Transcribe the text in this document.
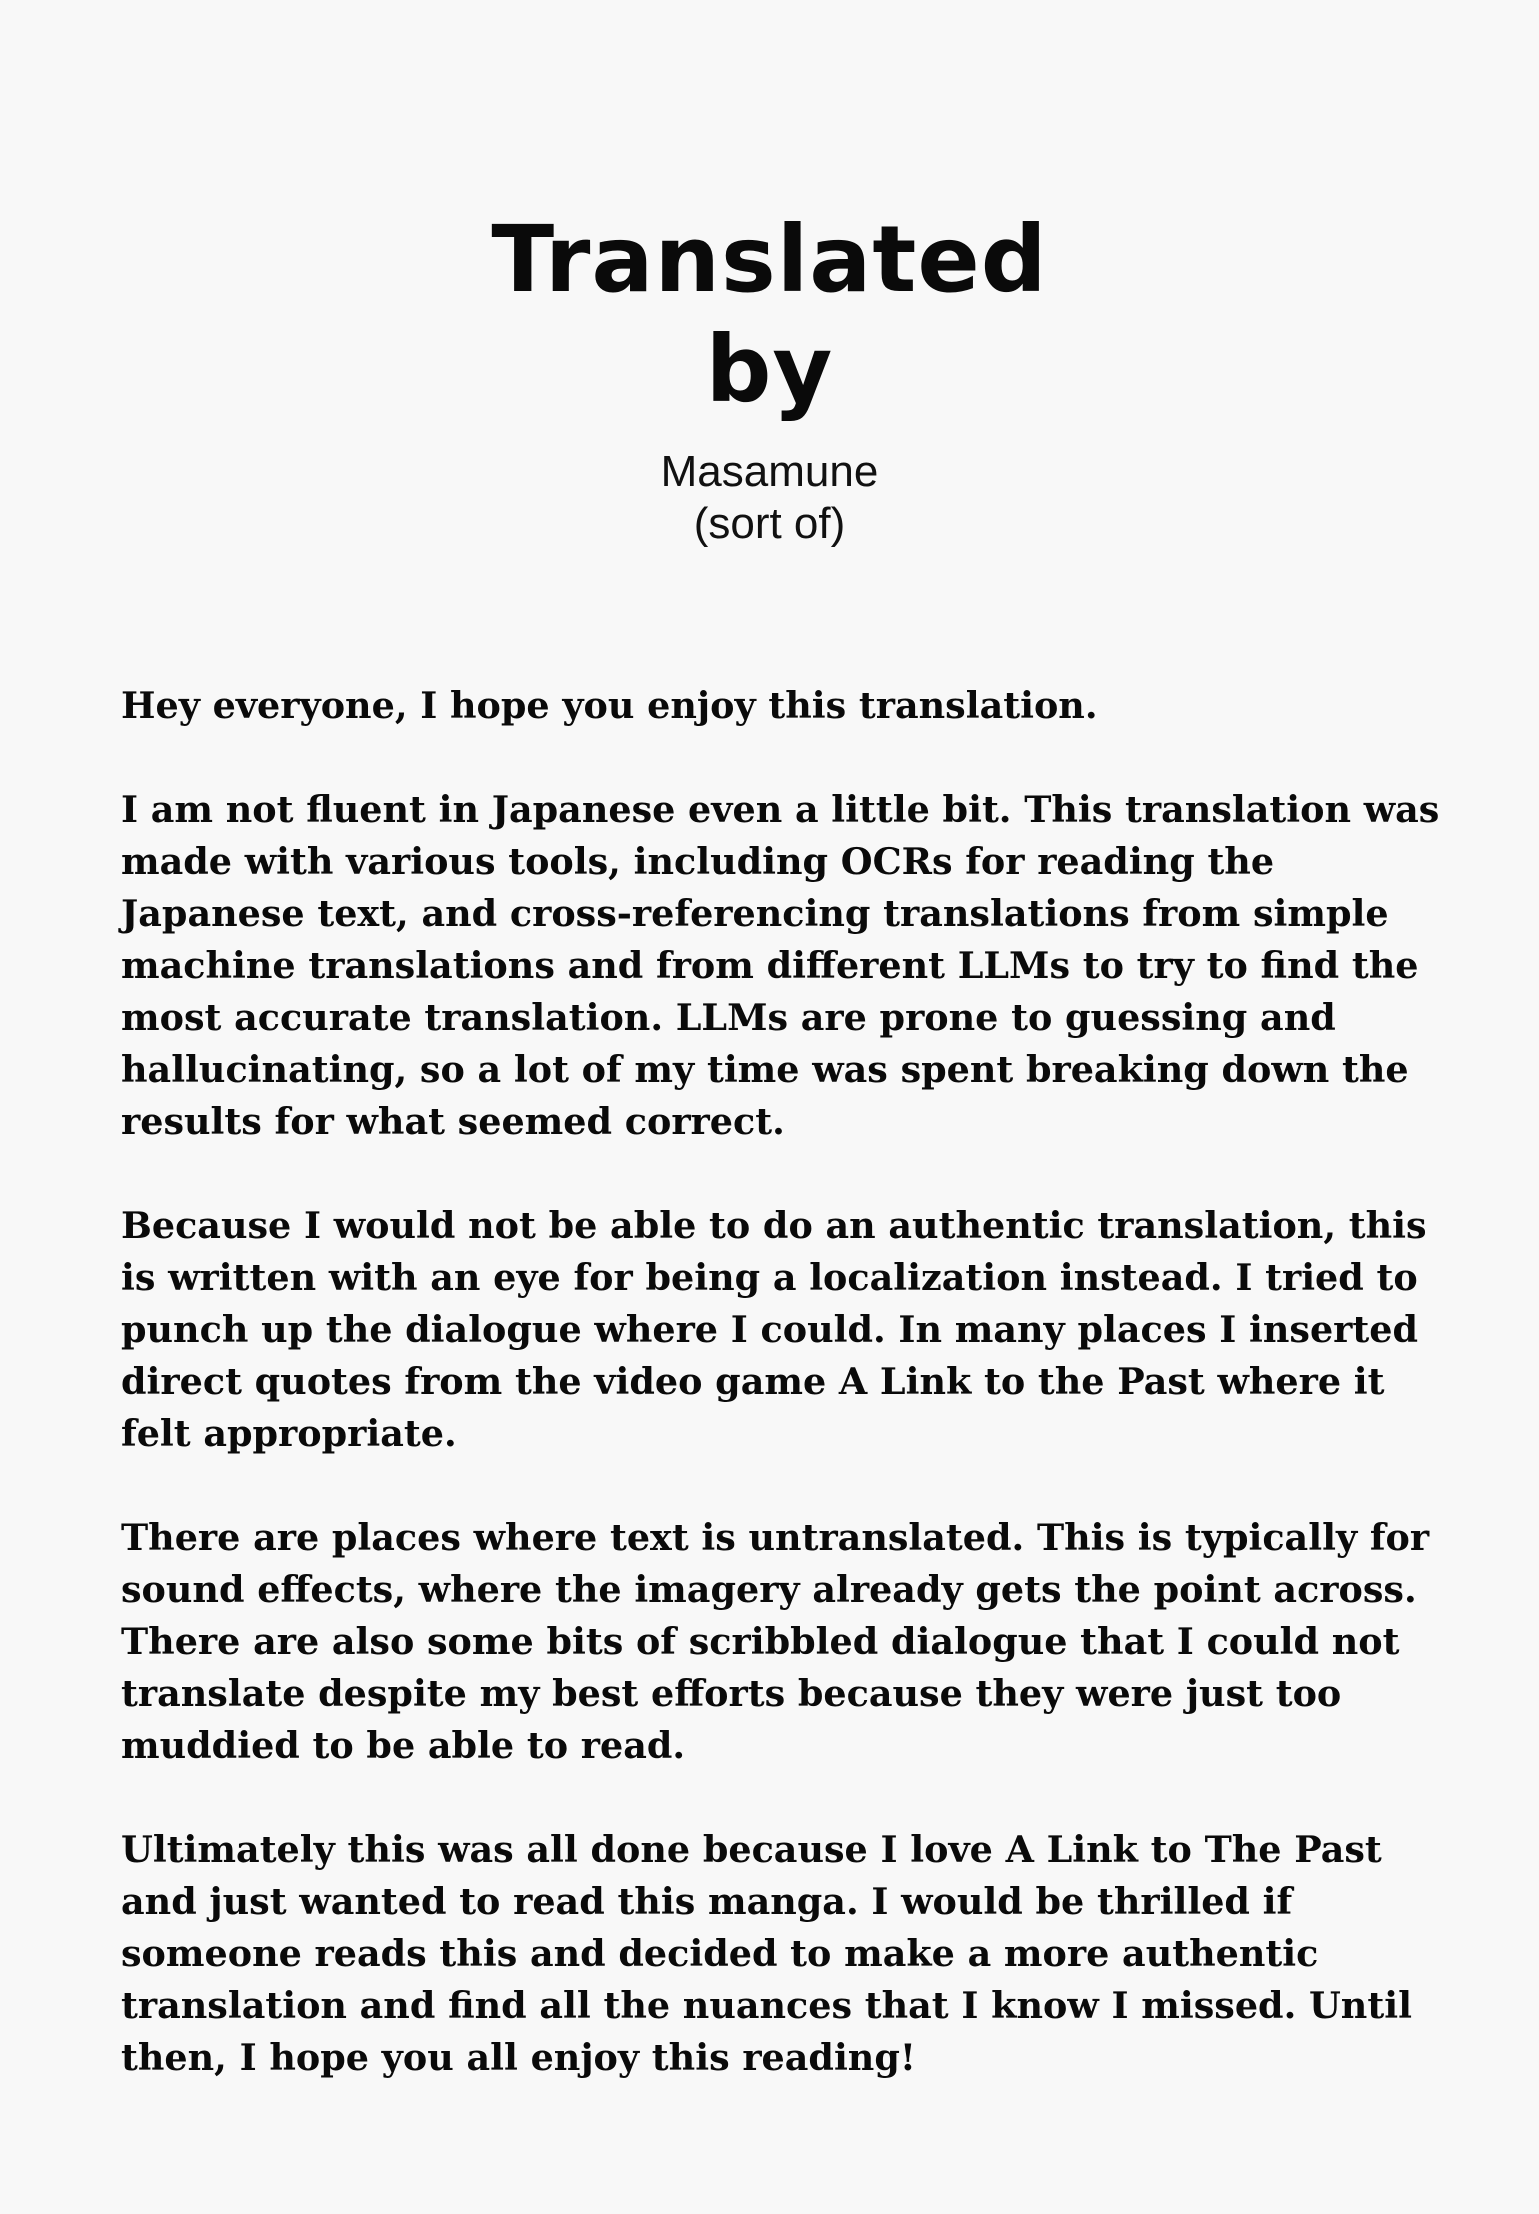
Translated
by
Masamune
(sort of)

Hey everyone, I hope you enjoy this translation.

I am not fluent in Japanese even a little bit. This translation was
made with various tools, including OCRs for reading the
Japanese text, and cross-referencing translations from simple
machine translations and from different LLMs to try to find the
most accurate translation. LLMs are prone to guessing and
hallucinating, so a lot of my time was spent breaking down the
results for what seemed correct.

Because I would not be able to do an authentic translation, this
is written with an eye for being a localization instead. I tried to
punch up the dialogue where I could. In many places I inserted
direct quotes from the video game A Link to the Past where it
felt appropriate.

There are places where text is untranslated. This is typically for
sound effects, where the imagery already gets the point across.
There are also some bits of scribbled dialogue that I could not
translate despite my best efforts because they were just too
muddied to be able to read.

Ultimately this was all done because I love A Link to The Past
and just wanted to read this manga. I would be thrilled if
someone reads this and decided to make a more authentic
translation and find all the nuances that I know I missed. Until
then, I hope you all enjoy this reading!
